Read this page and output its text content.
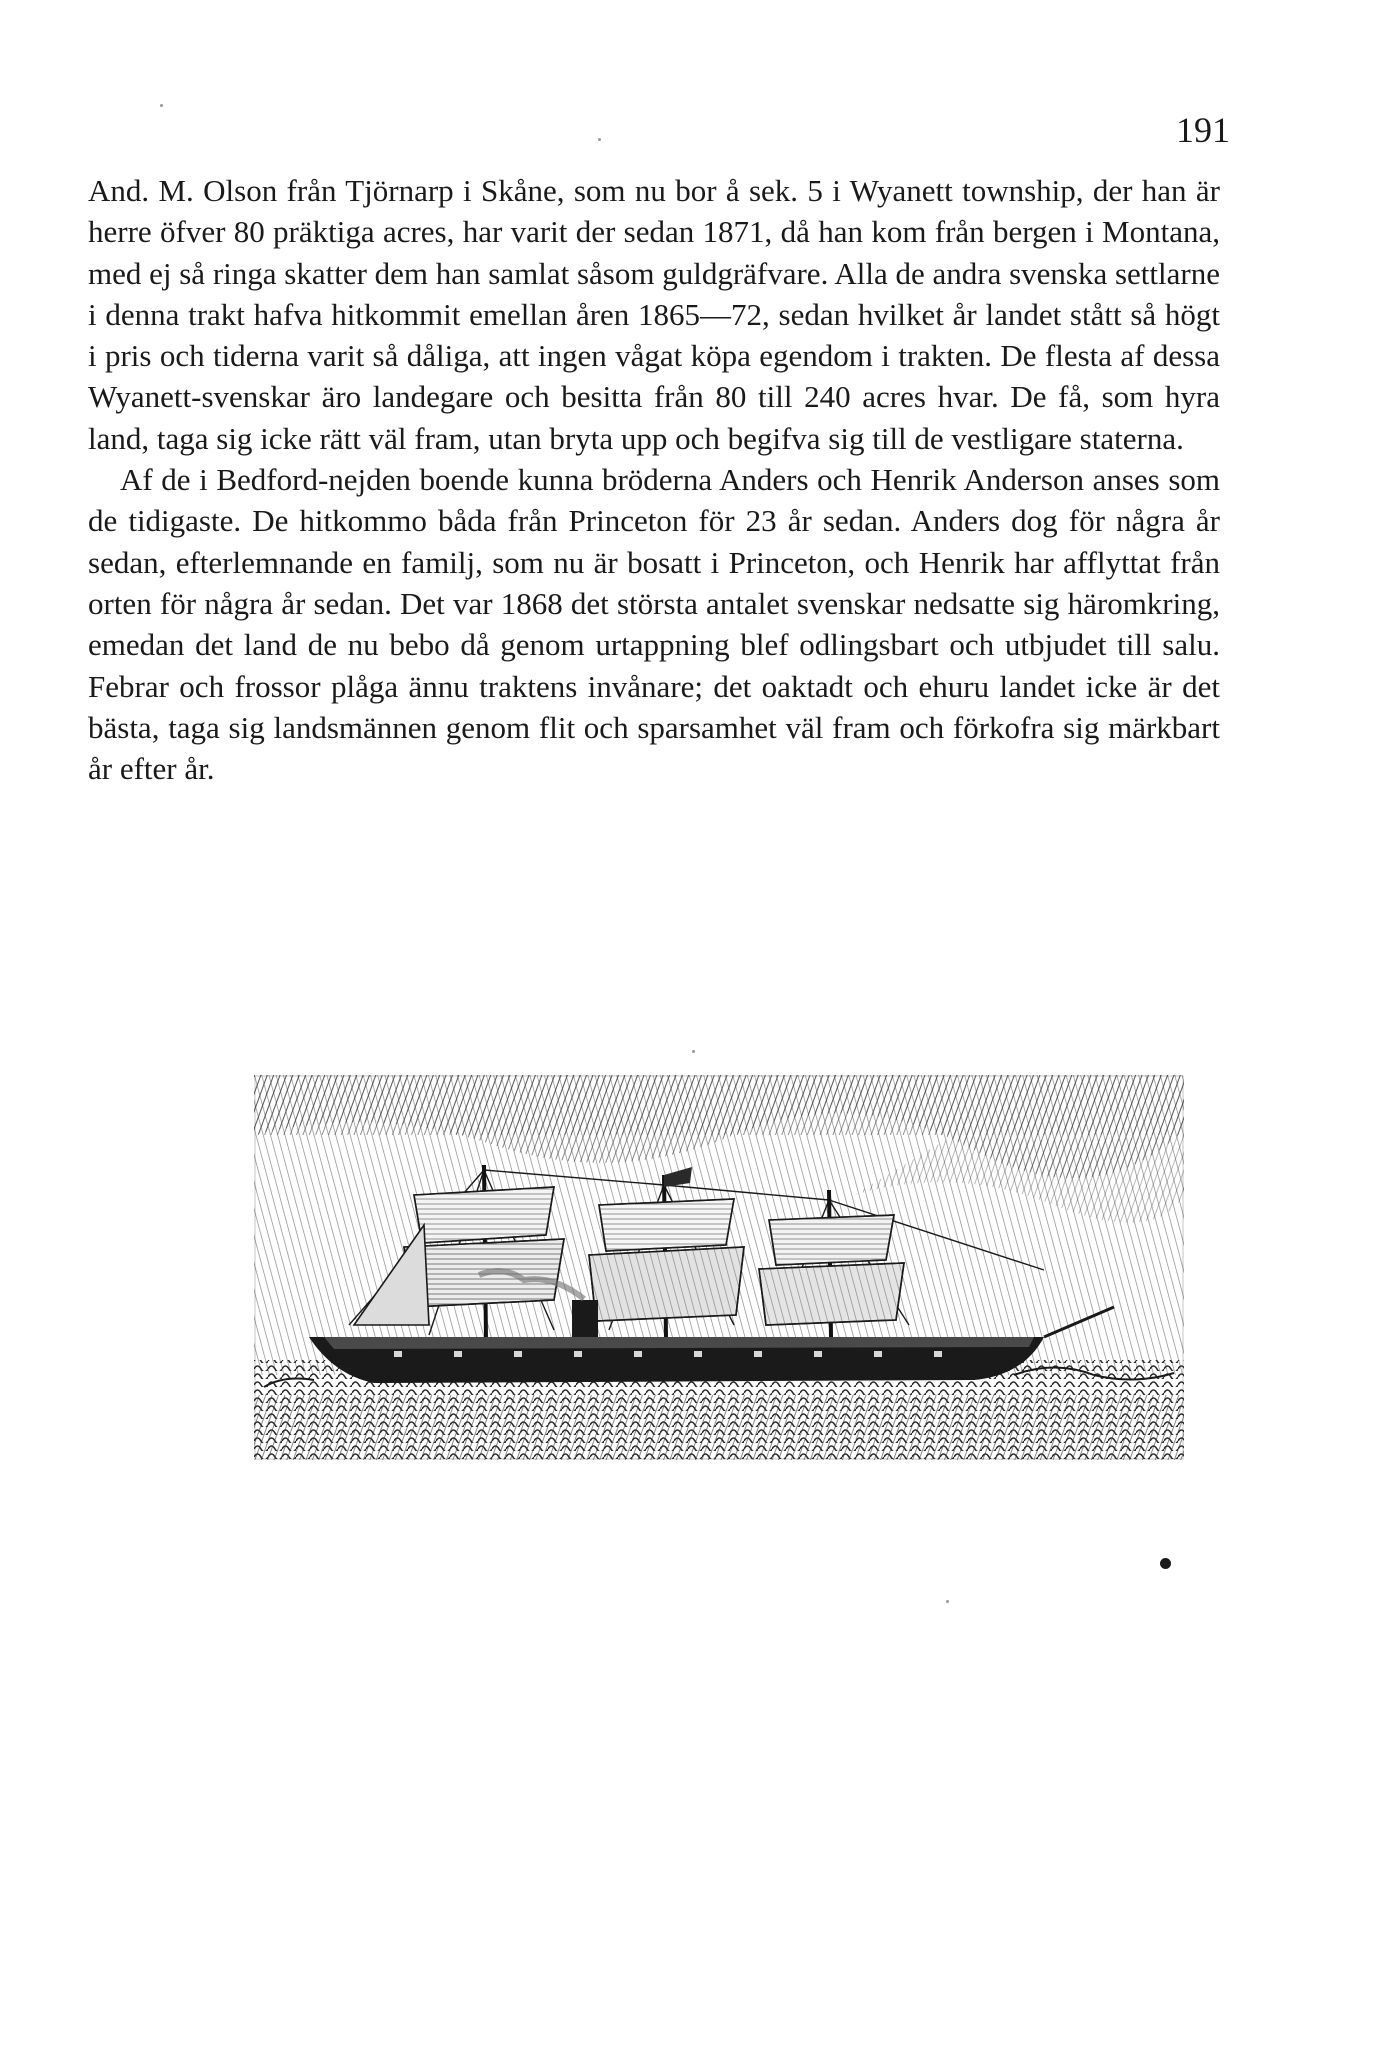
191

And. M. Olson från Tjörnarp i Skåne, som nu bor å sek. 5 i Wyanett township, der han är herre öfver 80 präktiga acres, har varit der sedan 1871, då han kom från bergen i Montana, med ej så ringa skatter dem han samlat såsom guldgräfvare. Alla de andra svenska settlarne i denna trakt hafva hitkommit emellan åren 1865—72, sedan hvilket år landet stått så högt i pris och tiderna varit så dåliga, att ingen vågat köpa egendom i trakten. De flesta af dessa Wyanett-svenskar äro landegare och besitta från 80 till 240 acres hvar. De få, som hyra land, taga sig icke rätt väl fram, utan bryta upp och begifva sig till de vestligare staterna.

Af de i Bedford-nejden boende kunna bröderna Anders och Henrik Anderson anses som de tidigaste. De hitkommo båda från Princeton för 23 år sedan. Anders dog för några år sedan, efterlemnande en familj, som nu är bosatt i Princeton, och Henrik har afflyttat från orten för några år sedan. Det var 1868 det största antalet svenskar nedsatte sig häromkring, emedan det land de nu bebo då genom urtappning blef odlingsbart och utbjudet till salu. Febrar och frossor plåga ännu traktens invånare; det oaktadt och ehuru landet icke är det bästa, taga sig landsmännen genom flit och sparsamhet väl fram och förkofra sig märkbart år efter år.
